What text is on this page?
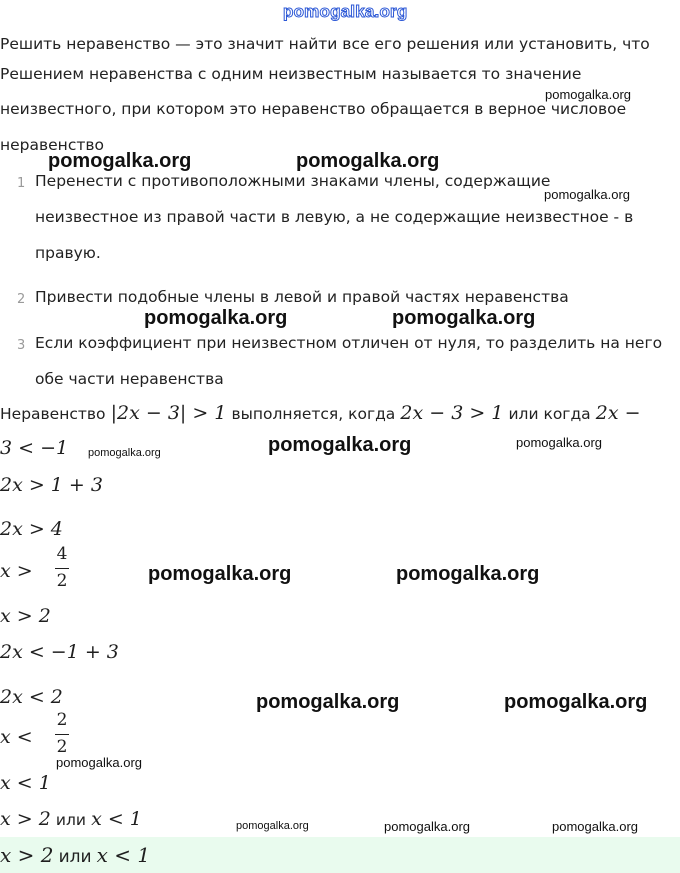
pomogalka.org
Решить неравенство — это значит найти все его решения или установить, что
Решением неравенства с одним неизвестным называется то значение
неизвестного, при котором это неравенство обращается в верное числовое
неравенство
1 Перенести с противоположными знаками члены, содержащие
неизвестное из правой части в левую, а не содержащие неизвестное - в
правую.
2 Привести подобные члены в левой и правой частях неравенства
3 Если коэффициент при неизвестном отличен от нуля, то разделить на него
обе части неравенства
Неравенство |2x − 3| > 1 выполняется, когда 2x − 3 > 1 или когда 2x −
3 < −1
2x > 1 + 3
2x > 4
x >
4
2
x > 2
2x < −1 + 3
2x < 2
x <
2
2
x < 1
x > 2 или x < 1
x > 2 или x < 1
pomogalka.org
pomogalka.org	pomogalka.org
pomogalka.org
pomogalka.org	pomogalka.org
pomogalka.org	pomogalka.org	pomogalka.org
pomogalka.org	pomogalka.org
pomogalka.org	pomogalka.org
pomogalka.org
pomogalka.org	pomogalka.org	pomogalka.org
